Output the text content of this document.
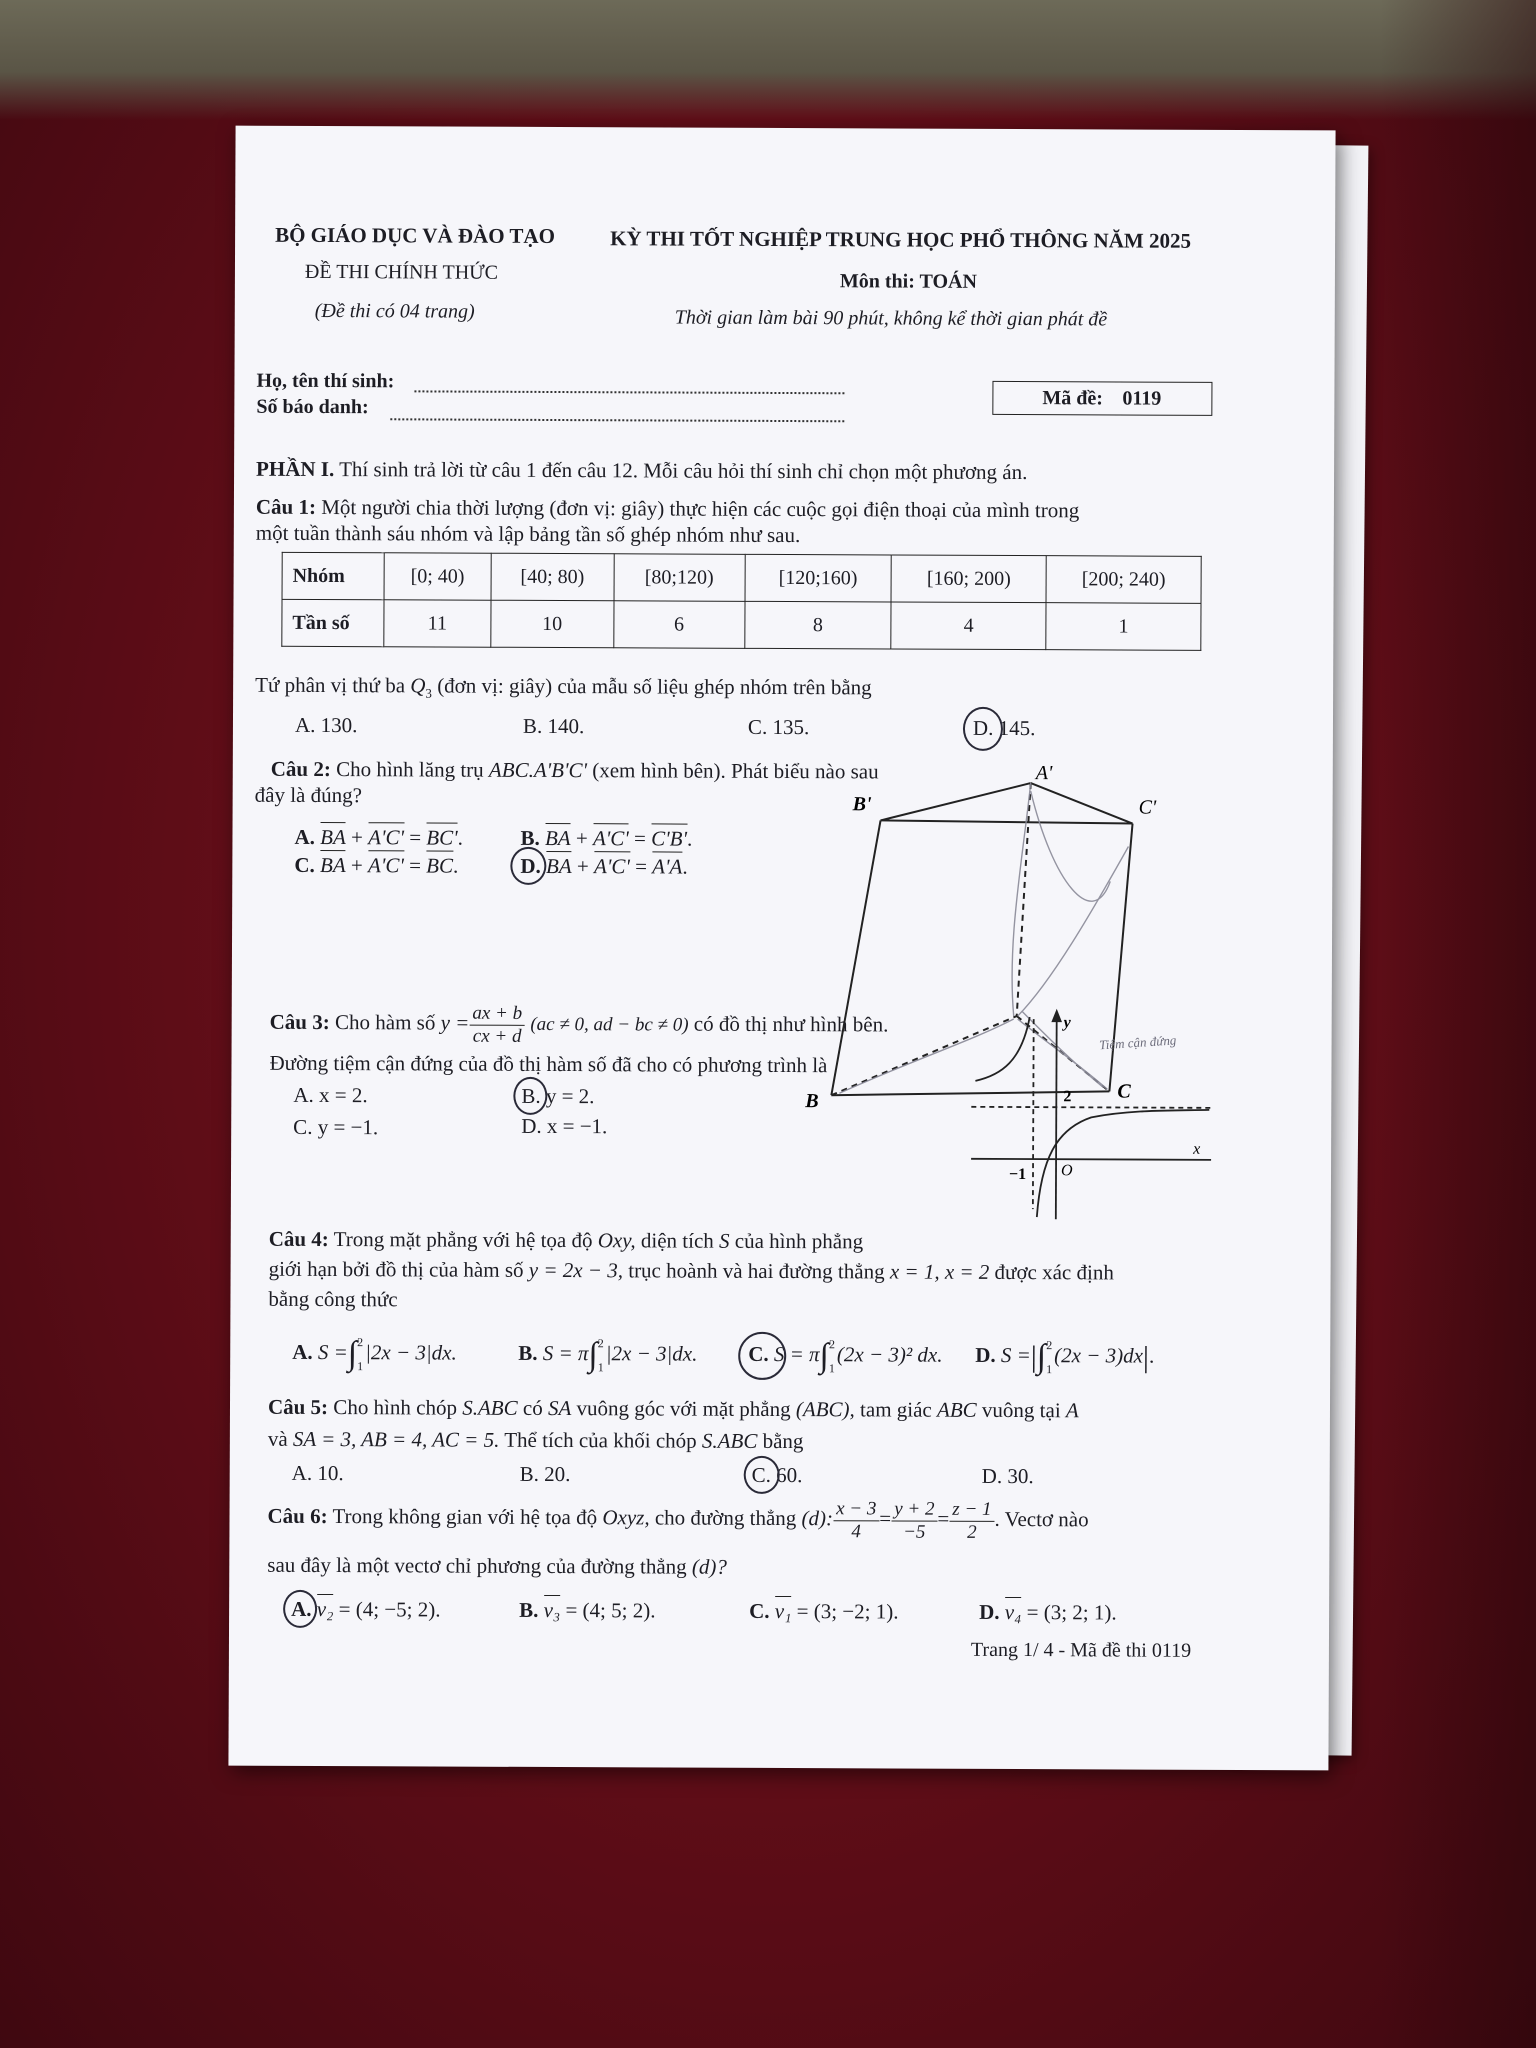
BỘ GIÁO DỤC VÀ ĐÀO TẠO	KỲ THI TỐT NGHIỆP TRUNG HỌC PHỔ THÔNG NĂM 2025
ĐỀ THI CHÍNH THỨC	Môn thi: TOÁN
(Đề thi có 04 trang)	Thời gian làm bài 90 phút, không kể thời gian phát đề
Họ, tên thí sinh:
Số báo danh:	Mã đề: 0119
PHẦN I. Thí sinh trả lời từ câu 1 đến câu 12. Mỗi câu hỏi thí sinh chỉ chọn một phương án.
Câu 1: Một người chia thời lượng (đơn vị: giây) thực hiện các cuộc gọi điện thoại của mình trong
một tuần thành sáu nhóm và lập bảng tần số ghép nhóm như sau.
Nhóm	[0; 40)	[40; 80)	[80;120)	[120;160)	[160; 200)	[200; 240)
Tần số	11	10	6	8	4	1
Tứ phân vị thứ ba $Q_3$ (đơn vị: giây) của mẫu số liệu ghép nhóm trên bằng
A. 130.	B. 140.	C. 135.	D. 145.
Câu 2: Cho hình lăng trụ ABC.A'B'C' (xem hình bên). Phát biểu nào sau
đây là đúng?
A. BA + A'C' = BC'.	B. BA + A'C' = C'B'.
C. BA + A'C' = BC.	D. BA + A'C' = A'A.
A'
B'	C'
B	C
Câu 3: Cho hàm số $y = \frac{ax + b}{cx + d} (ac \ne 0$, ad − bc ≠ 0) có đồ thị như hình bên.
Đường tiệm cận đứng của đồ thị hàm số đã cho có phương trình là
A. x = 2.	B. y = 2.
C. y = −1.	D. x = −1.
y
x
2
−1 O
Tiệm cận đứng
Câu 4: Trong mặt phẳng với hệ tọa độ Oxy, diện tích S của hình phẳng
giới hạn bởi đồ thị của hàm số y = 2x − 3, trục hoành và hai đường thẳng x = 1, x = 2 được xác định
bằng công thức
A. S =∫2

1|2x − 3|dx.	B. S = π∫2

1|2x − 3|dx. C. S = π∫2

1(2x − 3)² dx. D. S =|∫2

1(2x − 3)dx|.
Câu 5: Cho hình chóp S.ABC có SA vuông góc với mặt phẳng (ABC), tam giác ABC vuông tại A
và SA = 3, AB = 4, AC = 5. Thể tích của khối chóp S.ABC bằng
A. 10.	B. 20.	C. 60.	D. 30.
Câu 6: Trong không gian với hệ tọa độ Oxyz, cho đường thẳng (d): $\frac{x - 3}{4} = \frac{y + 2}{-5} = \frac{z - 1}{2}$ . Vectơ nào
sau đây là một vectơ chỉ phương của đường thẳng (d)?
A. v₂ = (4; −5; 2).	B. v₃ = (4; 5; 2).	C. v₁ = (3; −2; 1).	D. v₄ = (3; 2; 1).
Trang 1/ 4 - Mã đề thi 0119
